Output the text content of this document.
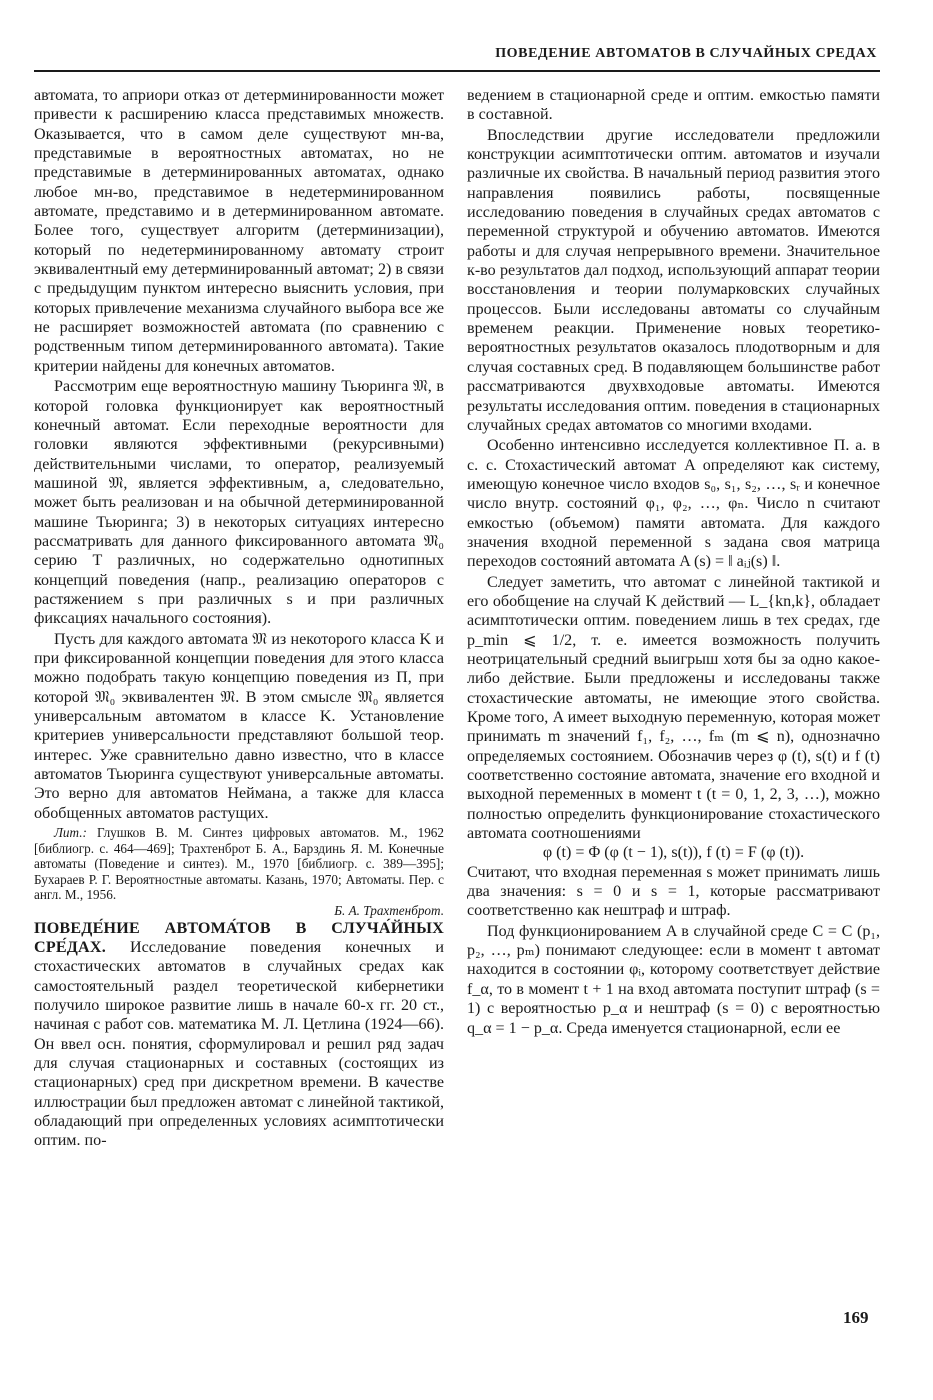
ПОВЕДЕНИЕ АВТОМАТОВ В СЛУЧАЙНЫХ СРЕДАХ

автомата, то априори отказ от детерминированности может привести к расширению класса представимых множеств. Оказывается, что в самом деле существуют мн-ва, представимые в вероятностных автоматах, но не представимые в детерминированных автоматах, однако любое мн-во, представимое в недетерминированном автомате, представимо и в детерминированном автомате. Более того, существует алгоритм (детерминизации), который по недетерминированному автомату строит эквивалентный ему детерминированный автомат; 2) в связи с предыдущим пунктом интересно выяснить условия, при которых привлечение механизма случайного выбора все же не расширяет возможностей автомата (по сравнению с родственным типом детерминированного автомата). Такие критерии найдены для конечных автоматов.

Рассмотрим еще вероятностную машину Тьюринга 𝔐, в которой головка функционирует как вероятностный конечный автомат. Если переходные вероятности для головки являются эффективными (рекурсивными) действительными числами, то оператор, реализуемый машиной 𝔐, является эффективным, а, следовательно, может быть реализован и на обычной детерминированной машине Тьюринга; 3) в некоторых ситуациях интересно рассматривать для данного фиксированного автомата 𝔐₀ серию T различных, но содержательно однотипных концепций поведения (напр., реализацию операторов с растяжением s при различных s и при различных фиксациях начального состояния).

Пусть для каждого автомата 𝔐 из некоторого класса K и при фиксированной концепции поведения для этого класса можно подобрать такую концепцию поведения из Π, при которой 𝔐₀ эквивалентен 𝔐. В этом смысле 𝔐₀ является универсальным автоматом в классе K. Установление критериев универсальности представляют большой теор. интерес. Уже сравнительно давно известно, что в классе автоматов Тьюринга существуют универсальные автоматы. Это верно для автоматов Неймана, а также для класса обобщенных автоматов растущих.

Лит.: Глушков В. М. Синтез цифровых автоматов. М., 1962 [библиогр. с. 464—469]; Трахтенброт Б. А., Барздинь Я. М. Конечные автоматы (Поведение и синтез). М., 1970 [библиогр. с. 389—395]; Бухараев Р. Г. Вероятностные автоматы. Казань, 1970; Автоматы. Пер. с англ. М., 1956.
Б. А. Трахтенброт.

ПОВЕДЕ́НИЕ АВТОМА́ТОВ В СЛУЧА́ЙНЫХ СРЕ́ДАХ. Исследование поведения конечных и стохастических автоматов в случайных средах как самостоятельный раздел теоретической кибернетики получило широкое развитие лишь в начале 60-х гг. 20 ст., начиная с работ сов. математика М. Л. Цетлина (1924—66). Он ввел осн. понятия, сформулировал и решил ряд задач для случая стационарных и составных (состоящих из стационарных) сред при дискретном времени. В качестве иллюстрации был предложен автомат с линейной тактикой, обладающий при определенных условиях асимптотически оптим. по-

ведением в стационарной среде и оптим. емкостью памяти в составной.

Впоследствии другие исследователи предложили конструкции асимптотически оптим. автоматов и изучали различные их свойства. В начальный период развития этого направления появились работы, посвященные исследованию поведения в случайных средах автоматов с переменной структурой и обучению автоматов. Имеются работы и для случая непрерывного времени. Значительное к-во результатов дал подход, использующий аппарат теории восстановления и теории полумарковских случайных процессов. Были исследованы автоматы со случайным временем реакции. Применение новых теоретико-вероятностных результатов оказалось плодотворным и для случая составных сред. В подавляющем большинстве работ рассматриваются двухвходовые автоматы. Имеются результаты исследования оптим. поведения в стационарных случайных средах автоматов со многими входами.

Особенно интенсивно исследуется коллективное П. а. в с. с. Стохастический автомат A определяют как систему, имеющую конечное число входов s₀, s₁, s₂, …, sᵣ и конечное число внутр. состояний φ₁, φ₂, …, φₙ. Число n считают емкостью (объемом) памяти автомата. Для каждого значения входной переменной s задана своя матрица переходов состояний автомата A (s) = ‖ aᵢⱼ(s) ‖.

Следует заметить, что автомат с линейной тактикой и его обобщение на случай K действий — L_{kn,k}, обладает асимптотически оптим. поведением лишь в тех средах, где p_min ⩽ 1/2, т. е. имеется возможность получить неотрицательный средний выигрыш хотя бы за одно какое-либо действие. Были предложены и исследованы также стохастические автоматы, не имеющие этого свойства. Кроме того, A имеет выходную переменную, которая может принимать m значений f₁, f₂, …, fₘ (m ⩽ n), однозначно определяемых состоянием. Обозначив через φ (t), s(t) и f (t) соответственно состояние автомата, значение его входной и выходной переменных в момент t (t = 0, 1, 2, 3, …), можно полностью определить функционирование стохастического автомата соотношениями

φ (t) = Φ (φ (t − 1), s(t)), f (t) = F (φ (t)).

Считают, что входная переменная s может принимать лишь два значения: s = 0 и s = 1, которые рассматривают соответственно как нештраф и штраф.

Под функционированием A в случайной среде C = C (p₁, p₂, …, pₘ) понимают следующее: если в момент t автомат находится в состоянии φᵢ, которому соответствует действие f_α, то в момент t + 1 на вход автомата поступит штраф (s = 1) с вероятностью p_α и нештраф (s = 0) с вероятностью q_α = 1 − p_α. Среда именуется стационарной, если ее

169
